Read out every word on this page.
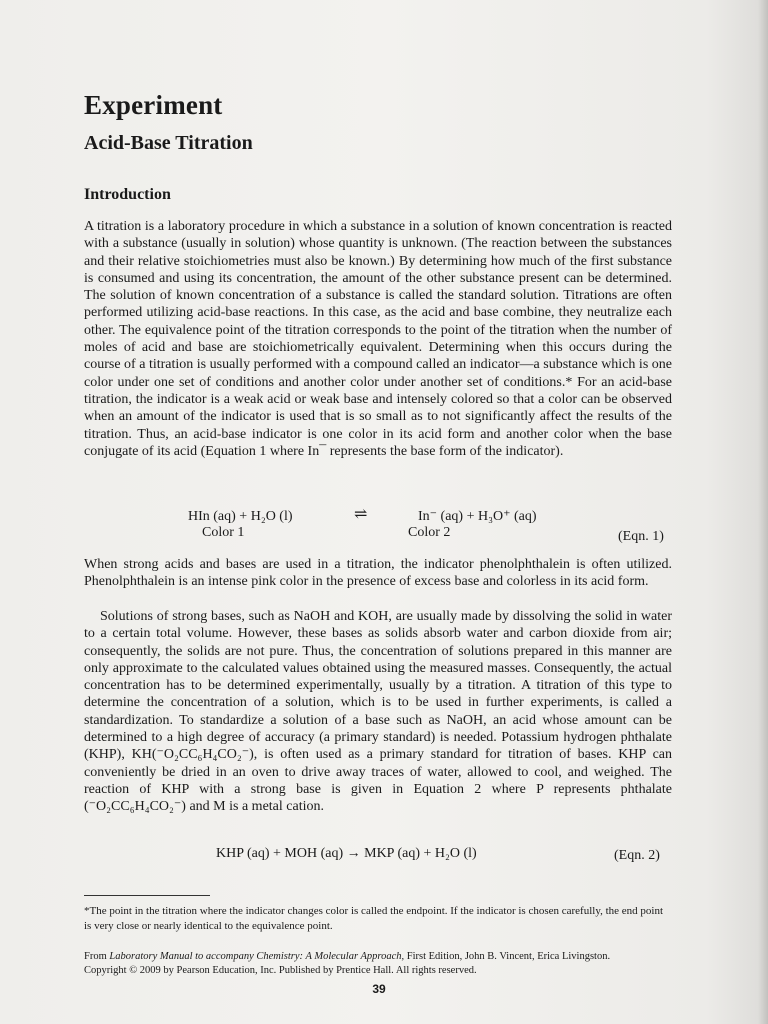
Experiment
Acid-Base Titration
Introduction

A titration is a laboratory procedure in which a substance in a solution of known concentration is reacted with a substance (usually in solution) whose quantity is unknown. (The reaction between the substances and their relative stoichiometries must also be known.) By determining how much of the first substance is consumed and using its concentration, the amount of the other substance present can be determined. The solution of known concentration of a substance is called the standard solution. Titrations are often performed utilizing acid-base reactions. In this case, as the acid and base combine, they neutralize each other. The equivalence point of the titration corresponds to the point of the titration when the number of moles of acid and base are stoichiometrically equivalent. Determining when this occurs during the course of a titration is usually performed with a compound called an indicator—a substance which is one color under one set of conditions and another color under another set of conditions.* For an acid-base titration, the indicator is a weak acid or weak base and intensely colored so that a color can be observed when an amount of the indicator is used that is so small as to not significantly affect the results of the titration. Thus, an acid-base indicator is one color in its acid form and another color when the base conjugate of its acid (Equation 1 where In¯ represents the base form of the indicator).

HIn (aq) + H₂O (l)	⇌	In⁻ (aq) + H₃O⁺ (aq)
Color 1	Color 2	(Eqn. 1)

When strong acids and bases are used in a titration, the indicator phenolphthalein is often utilized. Phenolphthalein is an intense pink color in the presence of excess base and colorless in its acid form.

Solutions of strong bases, such as NaOH and KOH, are usually made by dissolving the solid in water to a certain total volume. However, these bases as solids absorb water and carbon dioxide from air; consequently, the solids are not pure. Thus, the concentration of solutions prepared in this manner are only approximate to the calculated values obtained using the measured masses. Consequently, the actual concentration has to be determined experimentally, usually by a titration. A titration of this type to determine the concentration of a solution, which is to be used in further experiments, is called a standardization. To standardize a solution of a base such as NaOH, an acid whose amount can be determined to a high degree of accuracy (a primary standard) is needed. Potassium hydrogen phthalate (KHP), KH(⁻O₂CC₆H₄CO₂⁻), is often used as a primary standard for titration of bases. KHP can conveniently be dried in an oven to drive away traces of water, allowed to cool, and weighed. The reaction of KHP with a strong base is given in Equation 2 where P represents phthalate (⁻O₂CC₆H₄CO₂⁻) and M is a metal cation.

KHP (aq) + MOH (aq) → MKP (aq) + H₂O (l)	(Eqn. 2)

*The point in the titration where the indicator changes color is called the endpoint. If the indicator is chosen carefully, the end point is very close or nearly identical to the equivalence point.

From Laboratory Manual to accompany Chemistry: A Molecular Approach, First Edition, John B. Vincent, Erica Livingston.
Copyright © 2009 by Pearson Education, Inc. Published by Prentice Hall. All rights reserved.

39
